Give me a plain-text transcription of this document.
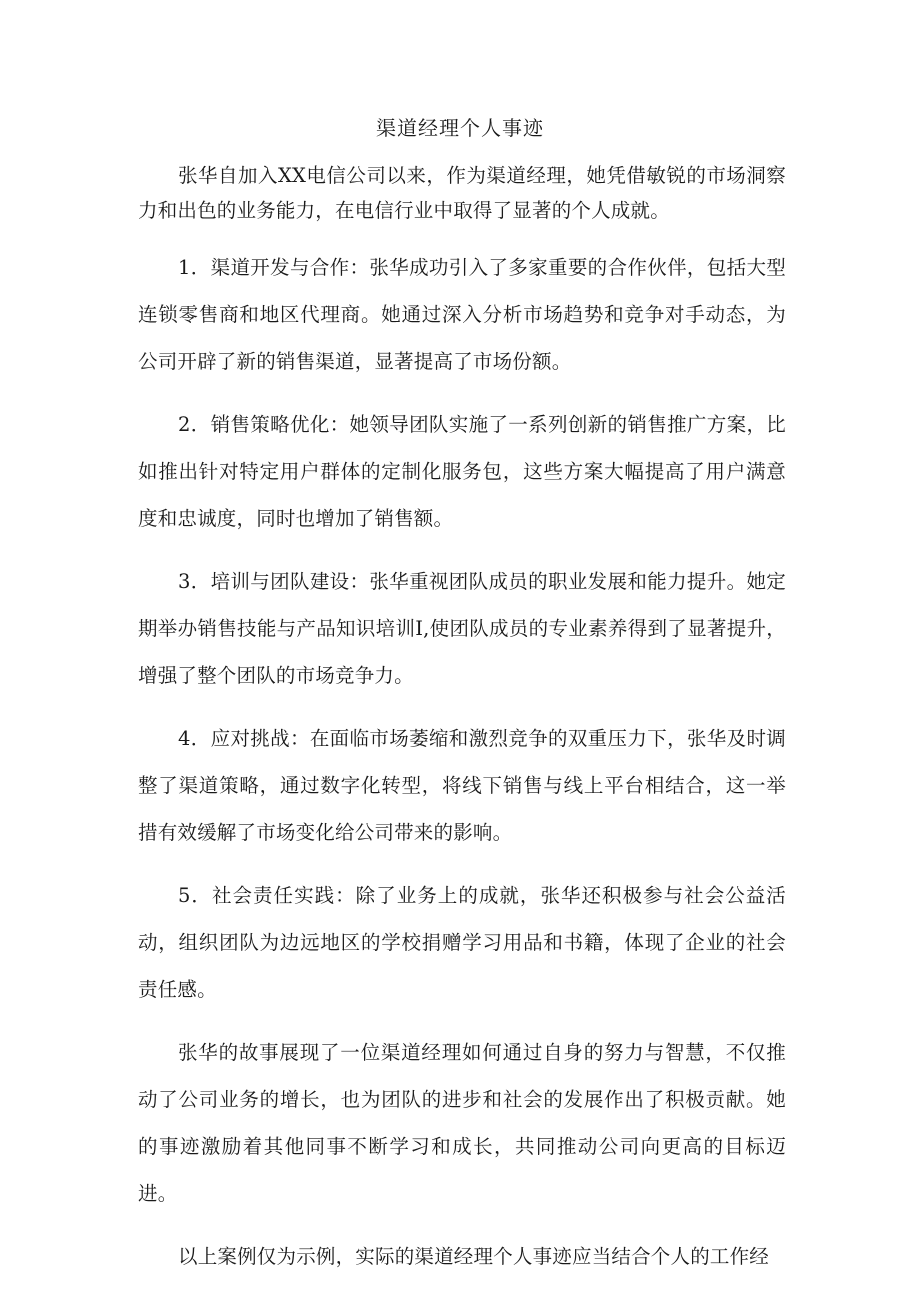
渠道经理个人事迹

张华自加入XX电信公司以来，作为渠道经理，她凭借敏锐的市场洞察力和出色的业务能力，在电信行业中取得了显著的个人成就。

1．渠道开发与合作：张华成功引入了多家重要的合作伙伴，包括大型连锁零售商和地区代理商。她通过深入分析市场趋势和竞争对手动态，为公司开辟了新的销售渠道，显著提高了市场份额。

2．销售策略优化：她领导团队实施了一系列创新的销售推广方案，比如推出针对特定用户群体的定制化服务包，这些方案大幅提高了用户满意度和忠诚度，同时也增加了销售额。

3．培训与团队建设：张华重视团队成员的职业发展和能力提升。她定期举办销售技能与产品知识培训I,使团队成员的专业素养得到了显著提升，增强了整个团队的市场竞争力。

4．应对挑战：在面临市场萎缩和激烈竞争的双重压力下，张华及时调整了渠道策略，通过数字化转型，将线下销售与线上平台相结合，这一举措有效缓解了市场变化给公司带来的影响。

5．社会责任实践：除了业务上的成就，张华还积极参与社会公益活动，组织团队为边远地区的学校捐赠学习用品和书籍，体现了企业的社会责任感。

张华的故事展现了一位渠道经理如何通过自身的努力与智慧，不仅推动了公司业务的增长，也为团队的进步和社会的发展作出了积极贡献。她的事迹激励着其他同事不断学习和成长，共同推动公司向更高的目标迈进。

以上案例仅为示例，实际的渠道经理个人事迹应当结合个人的工作经
